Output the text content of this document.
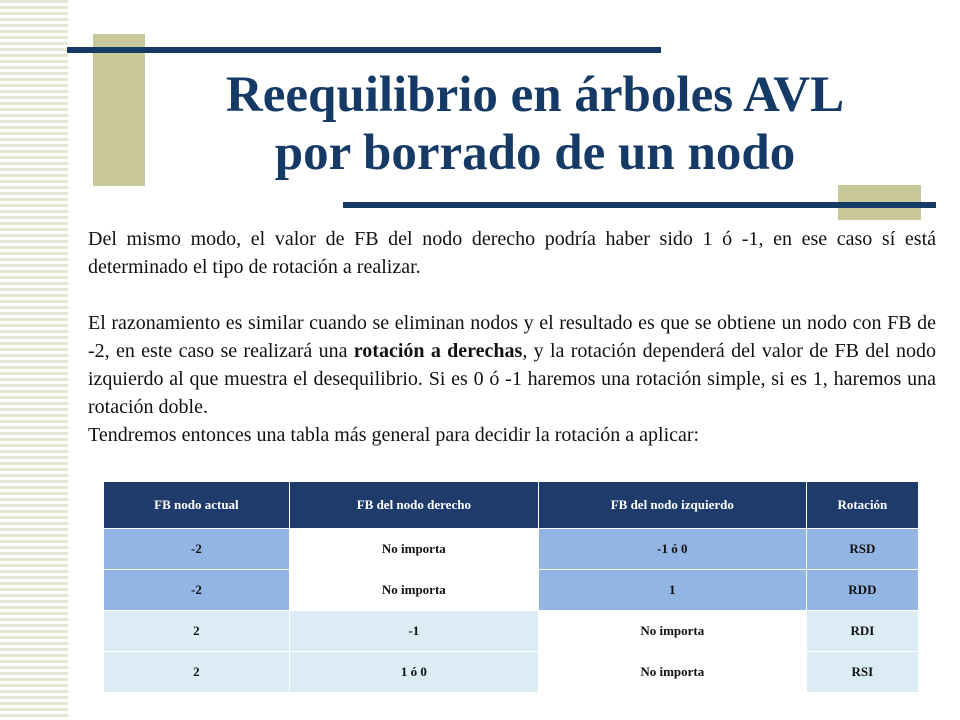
Reequilibrio en árboles AVL
por borrado de un nodo

Del mismo modo, el valor de FB del nodo derecho podría haber sido 1 ó -1, en ese caso sí está determinado el tipo de rotación a realizar.

El razonamiento es similar cuando se eliminan nodos y el resultado es que se obtiene un nodo con FB de -2, en este caso se realizará una rotación a derechas, y la rotación dependerá del valor de FB del nodo izquierdo al que muestra el desequilibrio. Si es 0 ó -1 haremos una rotación simple, si es 1, haremos una rotación doble.

Tendremos entonces una tabla más general para decidir la rotación a aplicar:

FB nodo actual	FB del nodo derecho	FB del nodo izquierdo	Rotación
-2	No importa	-1 ó 0	RSD
-2	No importa	1	RDD
2	-1	No importa	RDI
2	1 ó 0	No importa	RSI
